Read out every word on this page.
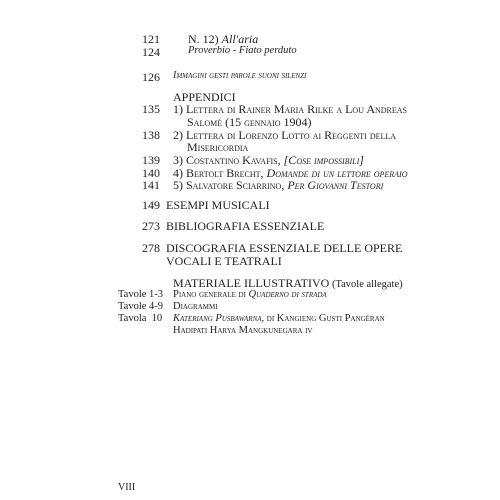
121 N. 12) All'aria
124	Proverbio - Fiato perduto
126 Immagini gesti parole suoni silenzi
APPENDICI
135 1) Lettera di Rainer Maria Rilke a Lou Andreas
Salomé (15 gennaio 1904)
138 2) Lettera di Lorenzo Lotto ai Reggenti della
Misericordia
139 3) Costantino Kavafis, [Cose impossibili]
140 4) Bertolt Brecht, Domande di un lettore operaio
141 5) Salvatore Sciarrino, Per Giovanni Testori
149 ESEMPI MUSICALI
273 BIBLIOGRAFIA ESSENZIALE
278 DISCOGRAFIA ESSENZIALE DELLE OPERE
VOCALI E TEATRALI
MATERIALE ILLUSTRATIVO (Tavole allegate)
Tavole 1-3 Piano generale di Quaderno di strada
Tavole 4-9 Diagrammi
Tavola  10 Kateriang Pusbawarna, di Kangieng Gusti Pangéran
Hadipati Harya Mangkunegara iv
VIII
